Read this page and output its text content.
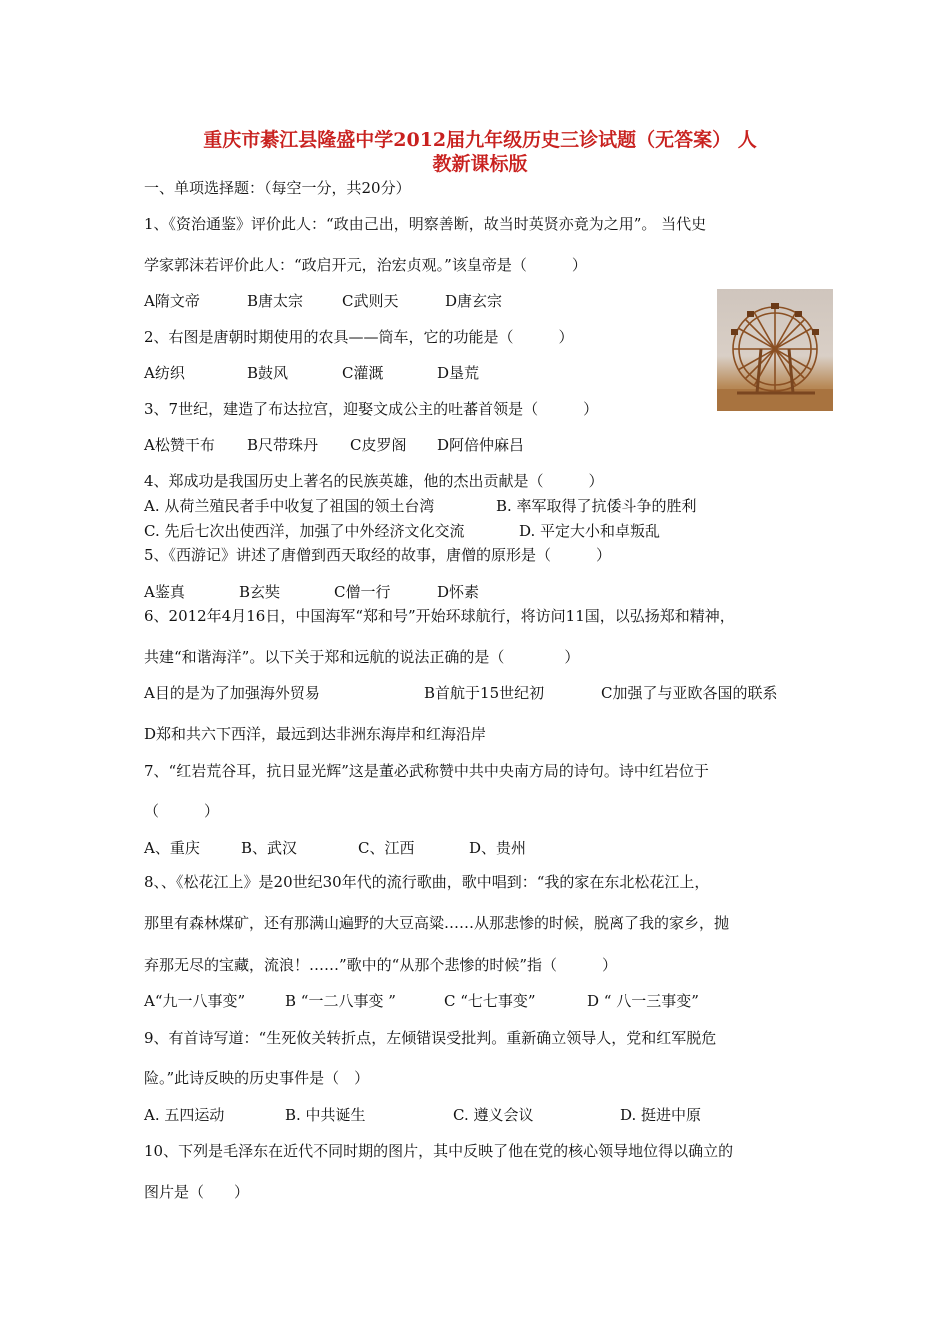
重庆市綦江县隆盛中学2012届九年级历史三诊试题（无答案） 人
教新课标版
一、单项选择题：（每空一分，共20分）
1、《资治通鉴》评价此人：“政由己出，明察善断，故当时英贤亦竟为之用”。 当代史
学家郭沫若评价此人：“政启开元，治宏贞观。”该皇帝是（　　　）
A隋文帝	B唐太宗	C武则天	D唐玄宗
2、右图是唐朝时期使用的农具——筒车，它的功能是（　　　）
A纺织	B鼓风	C灌溉	D垦荒
3、7世纪，建造了布达拉宫，迎娶文成公主的吐蕃首领是（　　　）
A松赞干布 B尺带珠丹 C皮罗阁 D阿倍仲麻吕
4、郑成功是我国历史上著名的民族英雄，他的杰出贡献是（　　　）
A. 从荷兰殖民者手中收复了祖国的领土台湾	B. 率军取得了抗倭斗争的胜利
C. 先后七次出使西洋，加强了中外经济文化交流	D. 平定大小和卓叛乱
5、《西游记》讲述了唐僧到西天取经的故事，唐僧的原形是（　　　）
A鉴真	B玄奘	C僧一行	D怀素
6、2012年4月16日，中国海军“郑和号”开始环球航行，将访问11国，以弘扬郑和精神，
共建“和谐海洋”。以下关于郑和远航的说法正确的是（　　　　）
A目的是为了加强海外贸易	B首航于15世纪初	C加强了与亚欧各国的联系
D郑和共六下西洋，最远到达非洲东海岸和红海沿岸
7、“红岩荒谷耳，抗日显光辉”这是董必武称赞中共中央南方局的诗句。诗中红岩位于
（　　　）
A、重庆	B、武汉	C、江西	D、贵州
8、、《松花江上》是20世纪30年代的流行歌曲，歌中唱到：“我的家在东北松花江上，
那里有森林煤矿，还有那满山遍野的大豆高粱……从那悲惨的时候，脱离了我的家乡，抛
弃那无尽的宝藏，流浪！……”歌中的“从那个悲惨的时候”指（　　　）
A“九一八事变”	B “一二八事变 ”	C “七七事变”	D “ 八一三事变”
9、有首诗写道：“生死攸关转折点，左倾错误受批判。重新确立领导人，党和红军脱危
险。”此诗反映的历史事件是（　）
A. 五四运动	B. 中共诞生	C. 遵义会议	D. 挺进中原
10、下列是毛泽东在近代不同时期的图片，其中反映了他在党的核心领导地位得以确立的
图片是（　　）
